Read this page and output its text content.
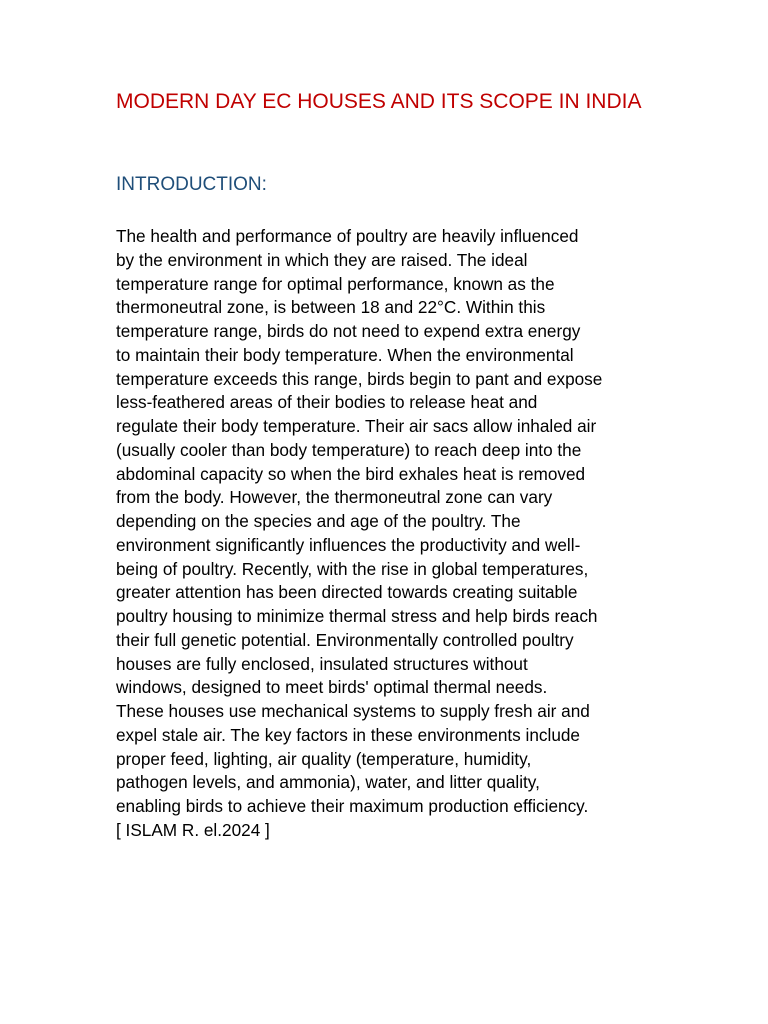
MODERN DAY EC HOUSES AND ITS SCOPE IN INDIA
INTRODUCTION:

The health and performance of poultry are heavily influenced
by the environment in which they are raised. The ideal
temperature range for optimal performance, known as the
thermoneutral zone, is between 18 and 22°C. Within this
temperature range, birds do not need to expend extra energy
to maintain their body temperature. When the environmental
temperature exceeds this range, birds begin to pant and expose
less-feathered areas of their bodies to release heat and
regulate their body temperature. Their air sacs allow inhaled air
(usually cooler than body temperature) to reach deep into the
abdominal capacity so when the bird exhales heat is removed
from the body. However, the thermoneutral zone can vary
depending on the species and age of the poultry. The
environment significantly influences the productivity and well-
being of poultry. Recently, with the rise in global temperatures,
greater attention has been directed towards creating suitable
poultry housing to minimize thermal stress and help birds reach
their full genetic potential. Environmentally controlled poultry
houses are fully enclosed, insulated structures without
windows, designed to meet birds' optimal thermal needs.
These houses use mechanical systems to supply fresh air and
expel stale air. The key factors in these environments include
proper feed, lighting, air quality (temperature, humidity,
pathogen levels, and ammonia), water, and litter quality,
enabling birds to achieve their maximum production efficiency.
[ ISLAM R. el.2024 ]
